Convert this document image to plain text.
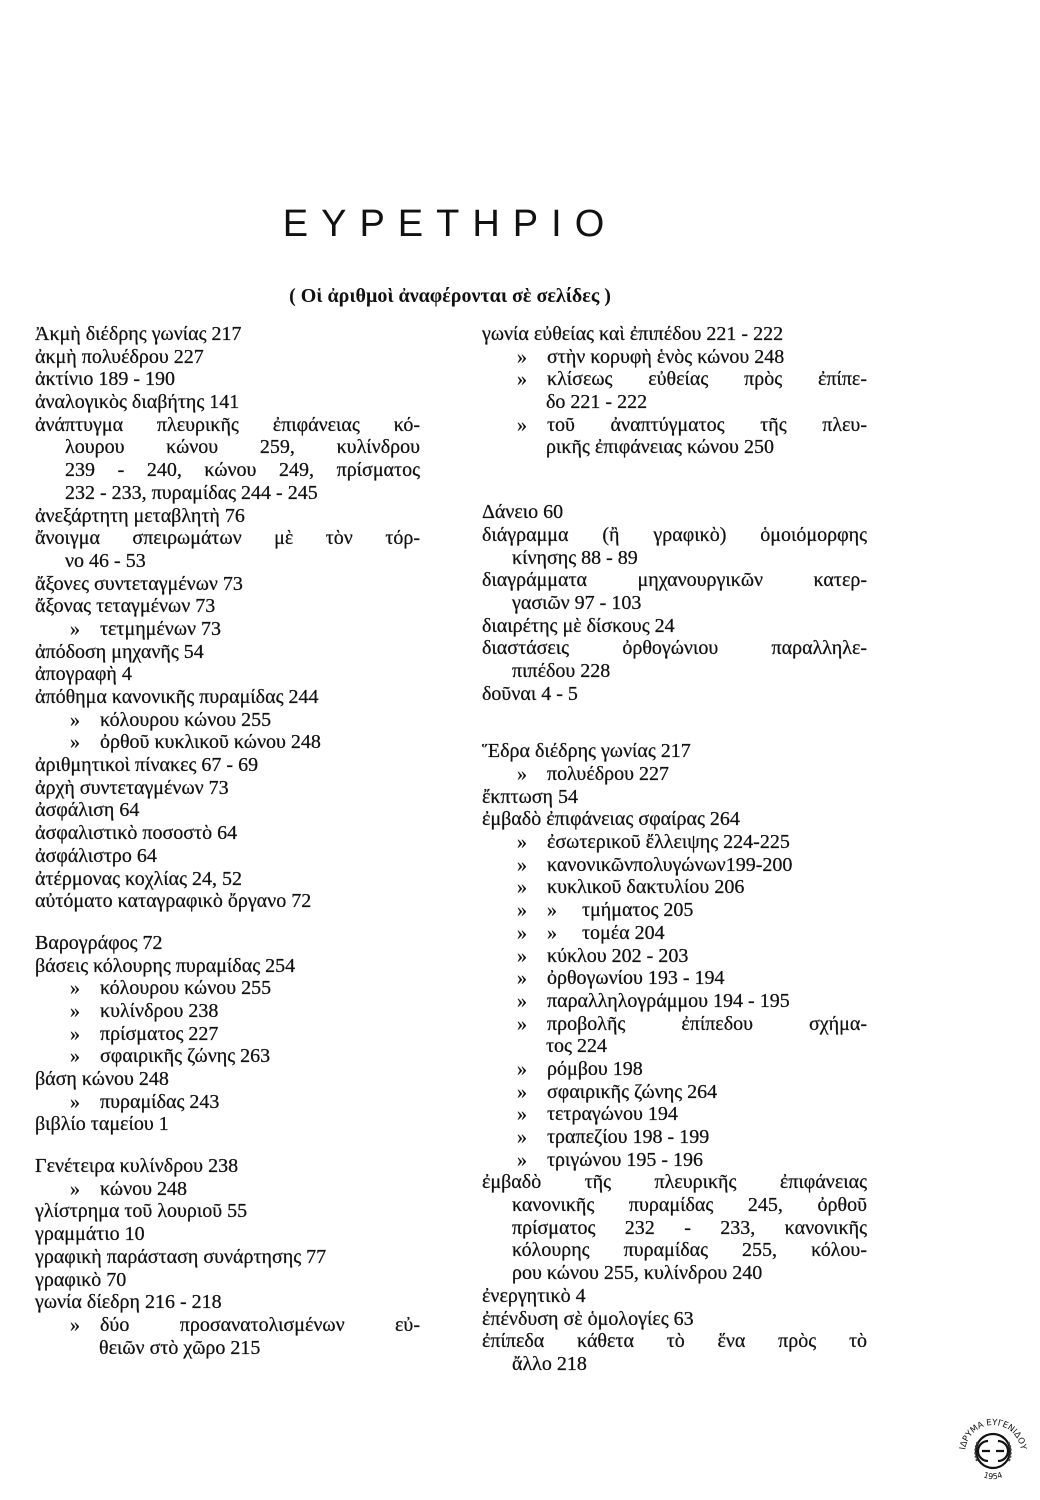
ΕΥΡΕΤΗΡΙΟ
( Οἱ ἀριθμοὶ ἀναφέρονται σὲ σελίδες )
Ἀκμὴ διέδρης γωνίας 217
ἀκμὴ πολυέδρου 227
ἀκτίνιο 189 - 190
ἀναλογικὸς διαβήτης 141
ἀνάπτυγμα πλευρικῆς ἐπιφάνειας κό-
λουρου κώνου 259, κυλίνδρου
239 - 240, κώνου 249, πρίσματος
232 - 233, πυραμίδας 244 - 245
ἀνεξάρτητη μεταβλητὴ 76
ἄνοιγμα σπειρωμάτων μὲ τὸν τόρ-
νο 46 - 53
ἄξονες συντεταγμένων 73
ἄξονας τεταγμένων 73
»	τετμημένων 73
ἀπόδοση μηχανῆς 54
ἀπογραφὴ 4
ἀπόθημα κανονικῆς πυραμίδας 244
»	κόλουρου κώνου 255
»	ὀρθοῦ κυκλικοῦ κώνου 248
ἀριθμητικοὶ πίνακες 67 - 69
ἀρχὴ συντεταγμένων 73
ἀσφάλιση 64
ἀσφαλιστικὸ ποσοστὸ 64
ἀσφάλιστρο 64
ἀτέρμονας κοχλίας 24, 52
αὐτόματο καταγραφικὸ ὄργανο 72
Βαρογράφος 72
βάσεις κόλουρης πυραμίδας 254
»	κόλουρου κώνου 255
»	κυλίνδρου 238
»	πρίσματος 227
»	σφαιρικῆς ζώνης 263
βάση κώνου 248
»	πυραμίδας 243
βιβλίο ταμείου 1
Γενέτειρα κυλίνδρου 238
»	κώνου 248
γλίστρημα τοῦ λουριοῦ 55
γραμμάτιο 10
γραφικὴ παράσταση συνάρτησης 77
γραφικὸ 70
γωνία δίεδρη 216 - 218
»	δύο προσανατολισμένων εὐ-
θειῶν στὸ χῶρο 215
γωνία εὐθείας καὶ ἐπιπέδου 221 - 222
»	στὴν κορυφὴ ἑνὸς κώνου 248
»	κλίσεως εὐθείας πρὸς ἐπίπε-
δο 221 - 222
»	τοῦ ἀναπτύγματος τῆς πλευ-
ρικῆς ἐπιφάνειας κώνου 250
Δάνειο 60
διάγραμμα (ἢ γραφικὸ) ὁμοιόμορφης
κίνησης 88 - 89
διαγράμματα μηχανουργικῶν κατερ-
γασιῶν 97 - 103
διαιρέτης μὲ δίσκους 24
διαστάσεις ὀρθογώνιου παραλληλε-
πιπέδου 228
δοῦναι 4 - 5
Ἕδρα διέδρης γωνίας 217
»	πολυέδρου 227
ἔκπτωση 54
ἐμβαδὸ ἐπιφάνειας σφαίρας 264
»	ἐσωτερικοῦ ἔλλειψης 224-225
»	κανονικῶνπολυγώνων199-200
»	κυκλικοῦ δακτυλίου 206
»	»	τμήματος 205
»	»	τομέα 204
»	κύκλου 202 - 203
»	ὀρθογωνίου 193 - 194
»	παραλληλογράμμου 194 - 195
»	προβολῆς ἐπίπεδου σχήμα-
τος 224
»	ρόμβου 198
»	σφαιρικῆς ζώνης 264
»	τετραγώνου 194
»	τραπεζίου 198 - 199
»	τριγώνου 195 - 196
ἐμβαδὸ τῆς πλευρικῆς ἐπιφάνειας
κανονικῆς πυραμίδας 245, ὀρθοῦ
πρίσματος 232 - 233, κανονικῆς
κόλουρης πυραμίδας 255, κόλου-
ρου κώνου 255, κυλίνδρου 240
ἐνεργητικὸ 4
ἐπένδυση σὲ ὁμολογίες 63
ἐπίπεδα κάθετα τὸ ἕνα πρὸς τὸ
ἄλλο 218
ΙΔΡΥΜΑ ΕΥΓΕΝΙΔΟΥ
1954
